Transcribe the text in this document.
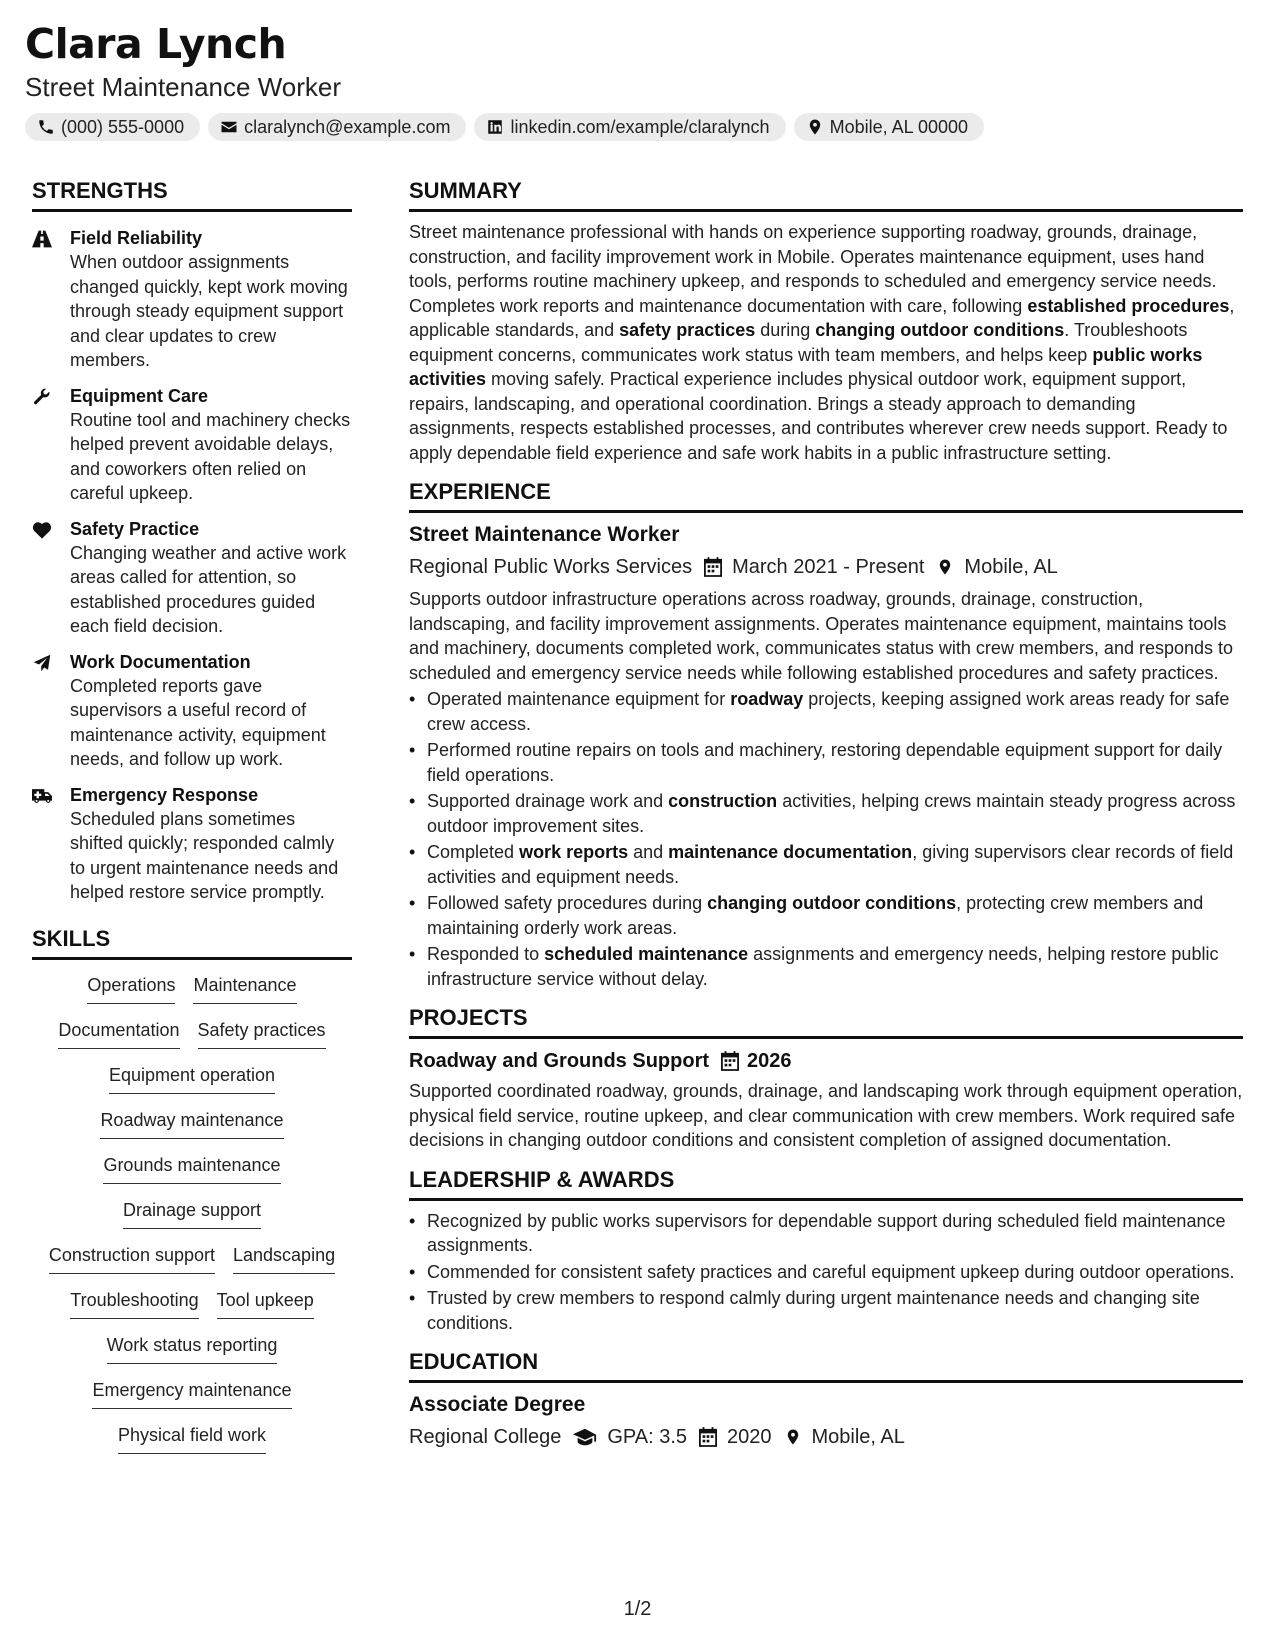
Clara Lynch
Street Maintenance Worker
(000) 555-0000	claralynch@example.com	linkedin.com/example/claralynch	Mobile, AL 00000
STRENGTHS
Field Reliability
When outdoor assignments changed quickly, kept work moving through steady equipment support and clear updates to crew members.
Equipment Care
Routine tool and machinery checks helped prevent avoidable delays, and coworkers often relied on careful upkeep.
Safety Practice
Changing weather and active work areas called for attention, so established procedures guided each field decision.
Work Documentation
Completed reports gave supervisors a useful record of maintenance activity, equipment needs, and follow up work.
Emergency Response
Scheduled plans sometimes shifted quickly; responded calmly to urgent maintenance needs and helped restore service promptly.
SKILLS
Operations Maintenance
Documentation Safety practices
Equipment operation
Roadway maintenance
Grounds maintenance
Drainage support
Construction support Landscaping
Troubleshooting Tool upkeep
Work status reporting
Emergency maintenance
Physical field work
SUMMARY

Street maintenance professional with hands on experience supporting roadway, grounds, drainage, construction, and facility improvement work in Mobile. Operates maintenance equipment, uses hand tools, performs routine machinery upkeep, and responds to scheduled and emergency service needs. Completes work reports and maintenance documentation with care, following established procedures, applicable standards, and safety practices during changing outdoor conditions. Troubleshoots equipment concerns, communicates work status with team members, and helps keep public works activities moving safely. Practical experience includes physical outdoor work, equipment support, repairs, landscaping, and operational coordination. Brings a steady approach to demanding assignments, respects established processes, and contributes wherever crew needs support. Ready to apply dependable field experience and safe work habits in a public infrastructure setting.

EXPERIENCE
Street Maintenance Worker
Regional Public Works Services March 2021 - Present Mobile, AL

Supports outdoor infrastructure operations across roadway, grounds, drainage, construction, landscaping, and facility improvement assignments. Operates maintenance equipment, maintains tools and machinery, documents completed work, communicates status with crew members, and responds to scheduled and emergency service needs while following established procedures and safety practices.

• Operated maintenance equipment for roadway projects, keeping assigned work areas ready for safe crew access.
• Performed routine repairs on tools and machinery, restoring dependable equipment support for daily field operations.
• Supported drainage work and construction activities, helping crews maintain steady progress across outdoor improvement sites.
• Completed work reports and maintenance documentation, giving supervisors clear records of field activities and equipment needs.
• Followed safety procedures during changing outdoor conditions, protecting crew members and maintaining orderly work areas.
• Responded to scheduled maintenance assignments and emergency needs, helping restore public infrastructure service without delay.
PROJECTS
Roadway and Grounds Support 2026

Supported coordinated roadway, grounds, drainage, and landscaping work through equipment operation, physical field service, routine upkeep, and clear communication with crew members. Work required safe decisions in changing outdoor conditions and consistent completion of assigned documentation.

LEADERSHIP & AWARDS
• Recognized by public works supervisors for dependable support during scheduled field maintenance assignments.
• Commended for consistent safety practices and careful equipment upkeep during outdoor operations.
• Trusted by crew members to respond calmly during urgent maintenance needs and changing site conditions.
EDUCATION
Associate Degree
Regional College GPA: 3.5 2020 Mobile, AL
1/2
